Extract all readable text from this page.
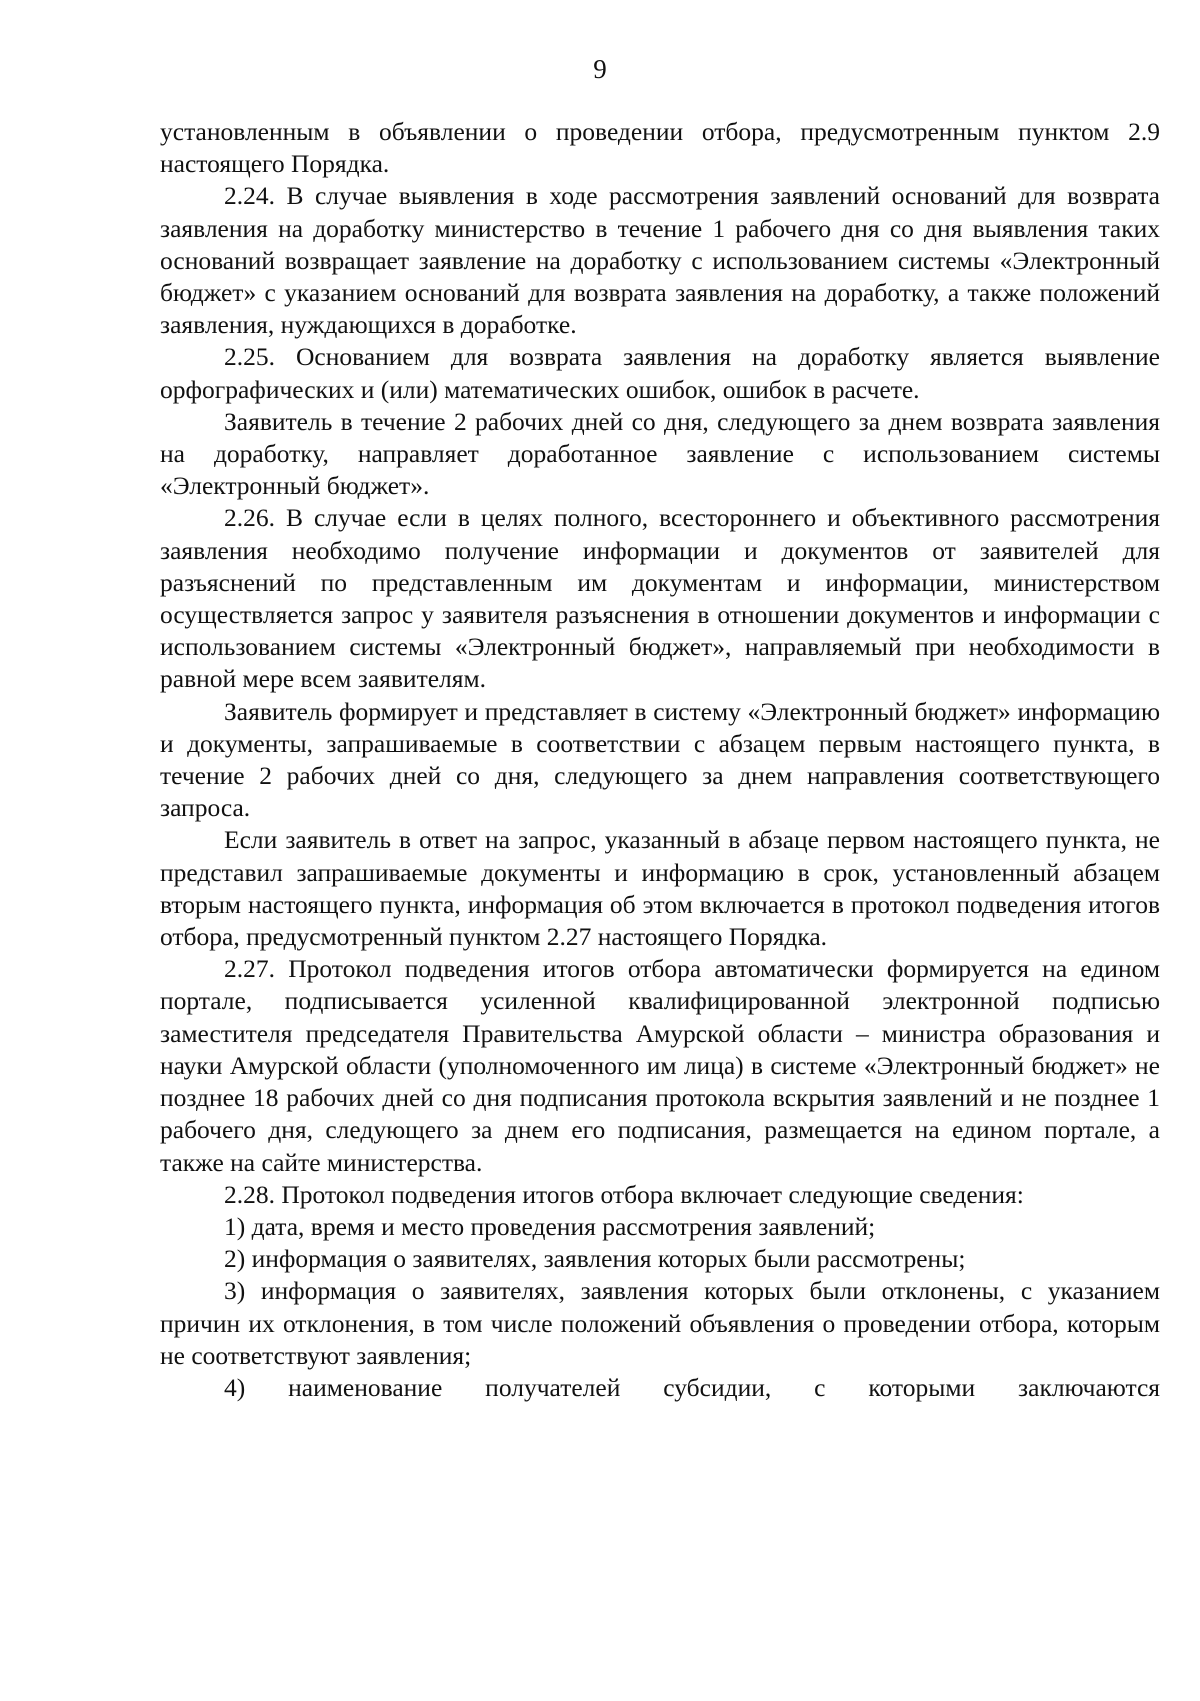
9

установленным в объявлении о проведении отбора, предусмотренным пунктом 2.9 настоящего Порядка.

2.24. В случае выявления в ходе рассмотрения заявлений оснований для возврата заявления на доработку министерство в течение 1 рабочего дня со дня выявления таких оснований возвращает заявление на доработку с использованием системы «Электронный бюджет» с указанием оснований для возврата заявления на доработку, а также положений заявления, нуждающихся в доработке.

2.25. Основанием для возврата заявления на доработку является выявление орфографических и (или) математических ошибок, ошибок в расчете.

Заявитель в течение 2 рабочих дней со дня, следующего за днем возврата заявления на доработку, направляет доработанное заявление с использованием системы «Электронный бюджет».

2.26. В случае если в целях полного, всестороннего и объективного рассмотрения заявления необходимо получение информации и документов от заявителей для разъяснений по представленным им документам и информации, министерством осуществляется запрос у заявителя разъяснения в отношении документов и информации с использованием системы «Электронный бюджет», направляемый при необходимости в равной мере всем заявителям.

Заявитель формирует и представляет в систему «Электронный бюджет» информацию и документы, запрашиваемые в соответствии с абзацем первым настоящего пункта, в течение 2 рабочих дней со дня, следующего за днем направления соответствующего запроса.

Если заявитель в ответ на запрос, указанный в абзаце первом настоящего пункта, не представил запрашиваемые документы и информацию в срок, установленный абзацем вторым настоящего пункта, информация об этом включается в протокол подведения итогов отбора, предусмотренный пунктом 2.27 настоящего Порядка.

2.27. Протокол подведения итогов отбора автоматически формируется на едином портале, подписывается усиленной квалифицированной электронной подписью заместителя председателя Правительства Амурской области – министра образования и науки Амурской области (уполномоченного им лица) в системе «Электронный бюджет» не позднее 18 рабочих дней со дня подписания протокола вскрытия заявлений и не позднее 1 рабочего дня, следующего за днем его подписания, размещается на едином портале, а также на сайте министерства.

2.28. Протокол подведения итогов отбора включает следующие сведения:

1) дата, время и место проведения рассмотрения заявлений;

2) информация о заявителях, заявления которых были рассмотрены;

3) информация о заявителях, заявления которых были отклонены, с указанием причин их отклонения, в том числе положений объявления о проведении отбора, которым не соответствуют заявления;

4) наименование получателей субсидии, с которыми заключаются
